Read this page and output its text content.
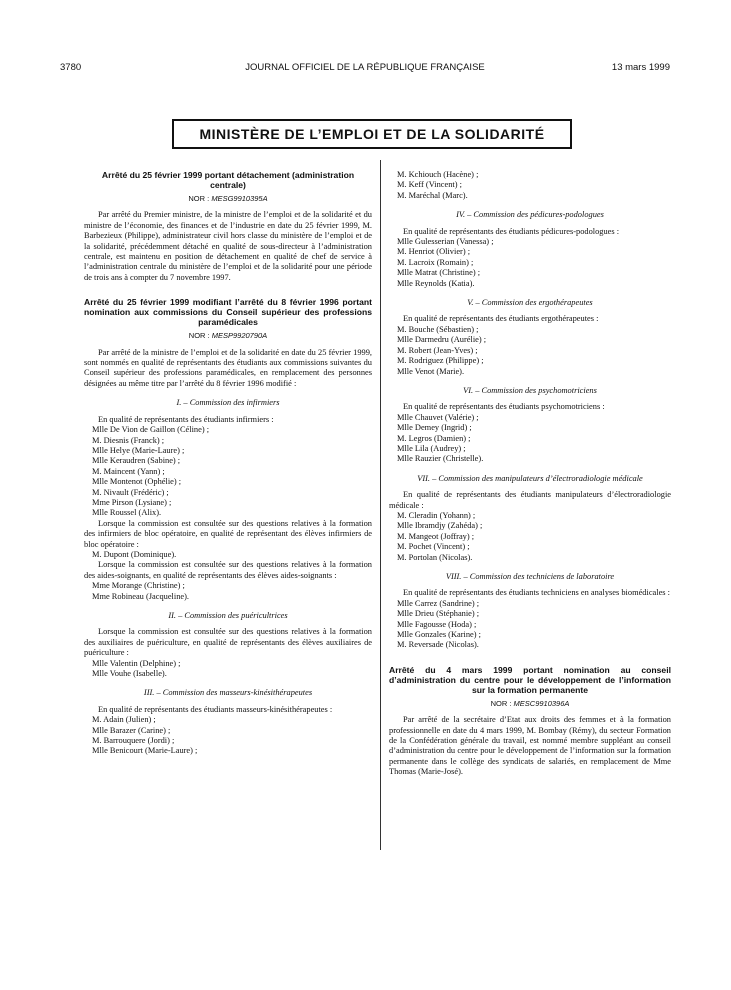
3780	JOURNAL OFFICIEL DE LA RÉPUBLIQUE FRANÇAISE	13 mars 1999
MINISTÈRE DE L’EMPLOI ET DE LA SOLIDARITÉ

Arrêté du 25 février 1999 portant détachement (administration centrale)

NOR : MESG9910395A

Par arrêté du Premier ministre, de la ministre de l’emploi et de la solidarité et du ministre de l’économie, des finances et de l’industrie en date du 25 février 1999, M. Barbezieux (Philippe), administrateur civil hors classe du ministère de l’emploi et de la solidarité, précédemment détaché en qualité de sous-directeur à l’administration centrale, est maintenu en position de détachement en qualité de chef de service à l’administration centrale du ministère de l’emploi et de la solidarité pour une période de trois ans à compter du 7 novembre 1997.

Arrêté du 25 février 1999 modifiant l’arrêté du 8 février 1996 portant nomination aux commissions du Conseil supérieur des professions paramédicales

NOR : MESP9920790A

Par arrêté de la ministre de l’emploi et de la solidarité en date du 25 février 1999, sont nommés en qualité de représentants des étudiants aux commissions suivantes du Conseil supérieur des professions paramédicales, en remplacement des personnes désignées au même titre par l’arrêté du 8 février 1996 modifié :

I. – Commission des infirmiers

En qualité de représentants des étudiants infirmiers :

Mlle De Vion de Gaillon (Céline) ;

M. Diesnis (Franck) ;

Mlle Helye (Marie-Laure) ;

Mlle Keraudren (Sabine) ;

M. Maincent (Yann) ;

Mlle Montenot (Ophélie) ;

M. Nivault (Frédéric) ;

Mme Pirson (Lysiane) ;

Mlle Roussel (Alix).

Lorsque la commission est consultée sur des questions relatives à la formation des infirmiers de bloc opératoire, en qualité de représentant des élèves infirmiers de bloc opératoire :

M. Dupont (Dominique).

Lorsque la commission est consultée sur des questions relatives à la formation des aides-soignants, en qualité de représentants des élèves aides-soignants :

Mme Morange (Christine) ;

Mme Robineau (Jacqueline).

II. – Commission des puéricultrices

Lorsque la commission est consultée sur des questions relatives à la formation des auxiliaires de puériculture, en qualité de représentants des élèves auxiliaires de puériculture :

Mlle Valentin (Delphine) ;

Mlle Vouhe (Isabelle).

III. – Commission des masseurs-kinésithérapeutes

En qualité de représentants des étudiants masseurs-kinésithérapeutes :

M. Adain (Julien) ;

Mlle Barazer (Carine) ;

M. Barrouquere (Jordi) ;

Mlle Benicourt (Marie-Laure) ;

M. Kchiouch (Hacène) ;

M. Keff (Vincent) ;

M. Maréchal (Marc).

IV. – Commission des pédicures-podologues

En qualité de représentants des étudiants pédicures-podologues :

Mlle Gulesserian (Vanessa) ;

M. Henriot (Olivier) ;

M. Lacroix (Romain) ;

Mlle Matrat (Christine) ;

Mlle Reynolds (Katia).

V. – Commission des ergothérapeutes

En qualité de représentants des étudiants ergothérapeutes :

M. Bouche (Sébastien) ;

Mlle Darmedru (Aurélie) ;

M. Robert (Jean-Yves) ;

M. Rodriguez (Philippe) ;

Mlle Venot (Marie).

VI. – Commission des psychomotriciens

En qualité de représentants des étudiants psychomotriciens :

Mlle Chauvet (Valérie) ;

Mlle Demey (Ingrid) ;

M. Legros (Damien) ;

Mlle Lila (Audrey) ;

Mlle Rauzier (Christelle).

VII. – Commission des manipulateurs d’électroradiologie médicale

En qualité de représentants des étudiants manipulateurs d’électroradiologie médicale :

M. Cleradin (Yohann) ;

Mlle Ibramdjy (Zahéda) ;

M. Mangeot (Joffray) ;

M. Pochet (Vincent) ;

M. Portolan (Nicolas).

VIII. – Commission des techniciens de laboratoire

En qualité de représentants des étudiants techniciens en analyses biomédicales :

Mlle Carrez (Sandrine) ;

Mlle Drieu (Stéphanie) ;

Mlle Fagousse (Hoda) ;

Mlle Gonzales (Karine) ;

M. Reversade (Nicolas).

Arrêté du 4 mars 1999 portant nomination au conseil d’administration du centre pour le développement de l’information sur la formation permanente

NOR : MESC9910396A

Par arrêté de la secrétaire d’Etat aux droits des femmes et à la formation professionnelle en date du 4 mars 1999, M. Bombay (Rémy), du secteur Formation de la Confédération générale du travail, est nommé membre suppléant au conseil d’administration du centre pour le développement de l’information sur la formation permanente dans le collège des syndicats de salariés, en remplacement de Mme Thomas (Marie-José).
